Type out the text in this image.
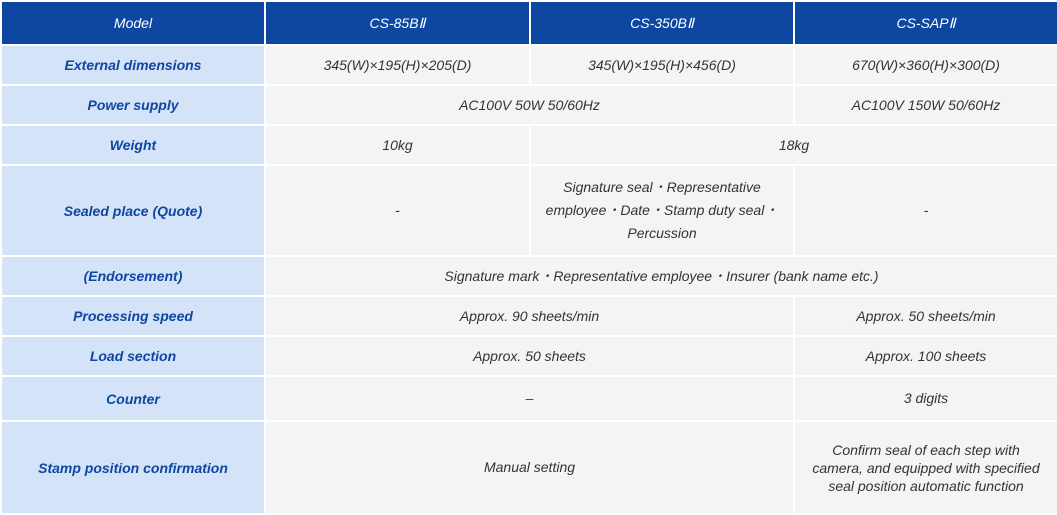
Model	CS-85BⅡ	CS-350BⅡ	CS-SAPⅡ
External dimensions	345(W)×195(H)×205(D)	345(W)×195(H)×456(D)	670(W)×360(H)×300(D)
Power supply	AC100V 50W 50/60Hz		AC100V 150W 50/60Hz
Weight	10kg	18kg	
Sealed place (Quote)	-	Signature seal・Representative employee・Date・Stamp duty seal・Percussion	-
(Endorsement)	Signature mark・Representative employee・Insurer (bank name etc.)		
Processing speed	Approx. 90 sheets/min		Approx. 50 sheets/min
Load section	Approx. 50 sheets		Approx. 100 sheets
Counter	–		3 digits
Stamp position confirmation	Manual setting		Confirm seal of each step with camera, and equipped with specified seal position automatic function
